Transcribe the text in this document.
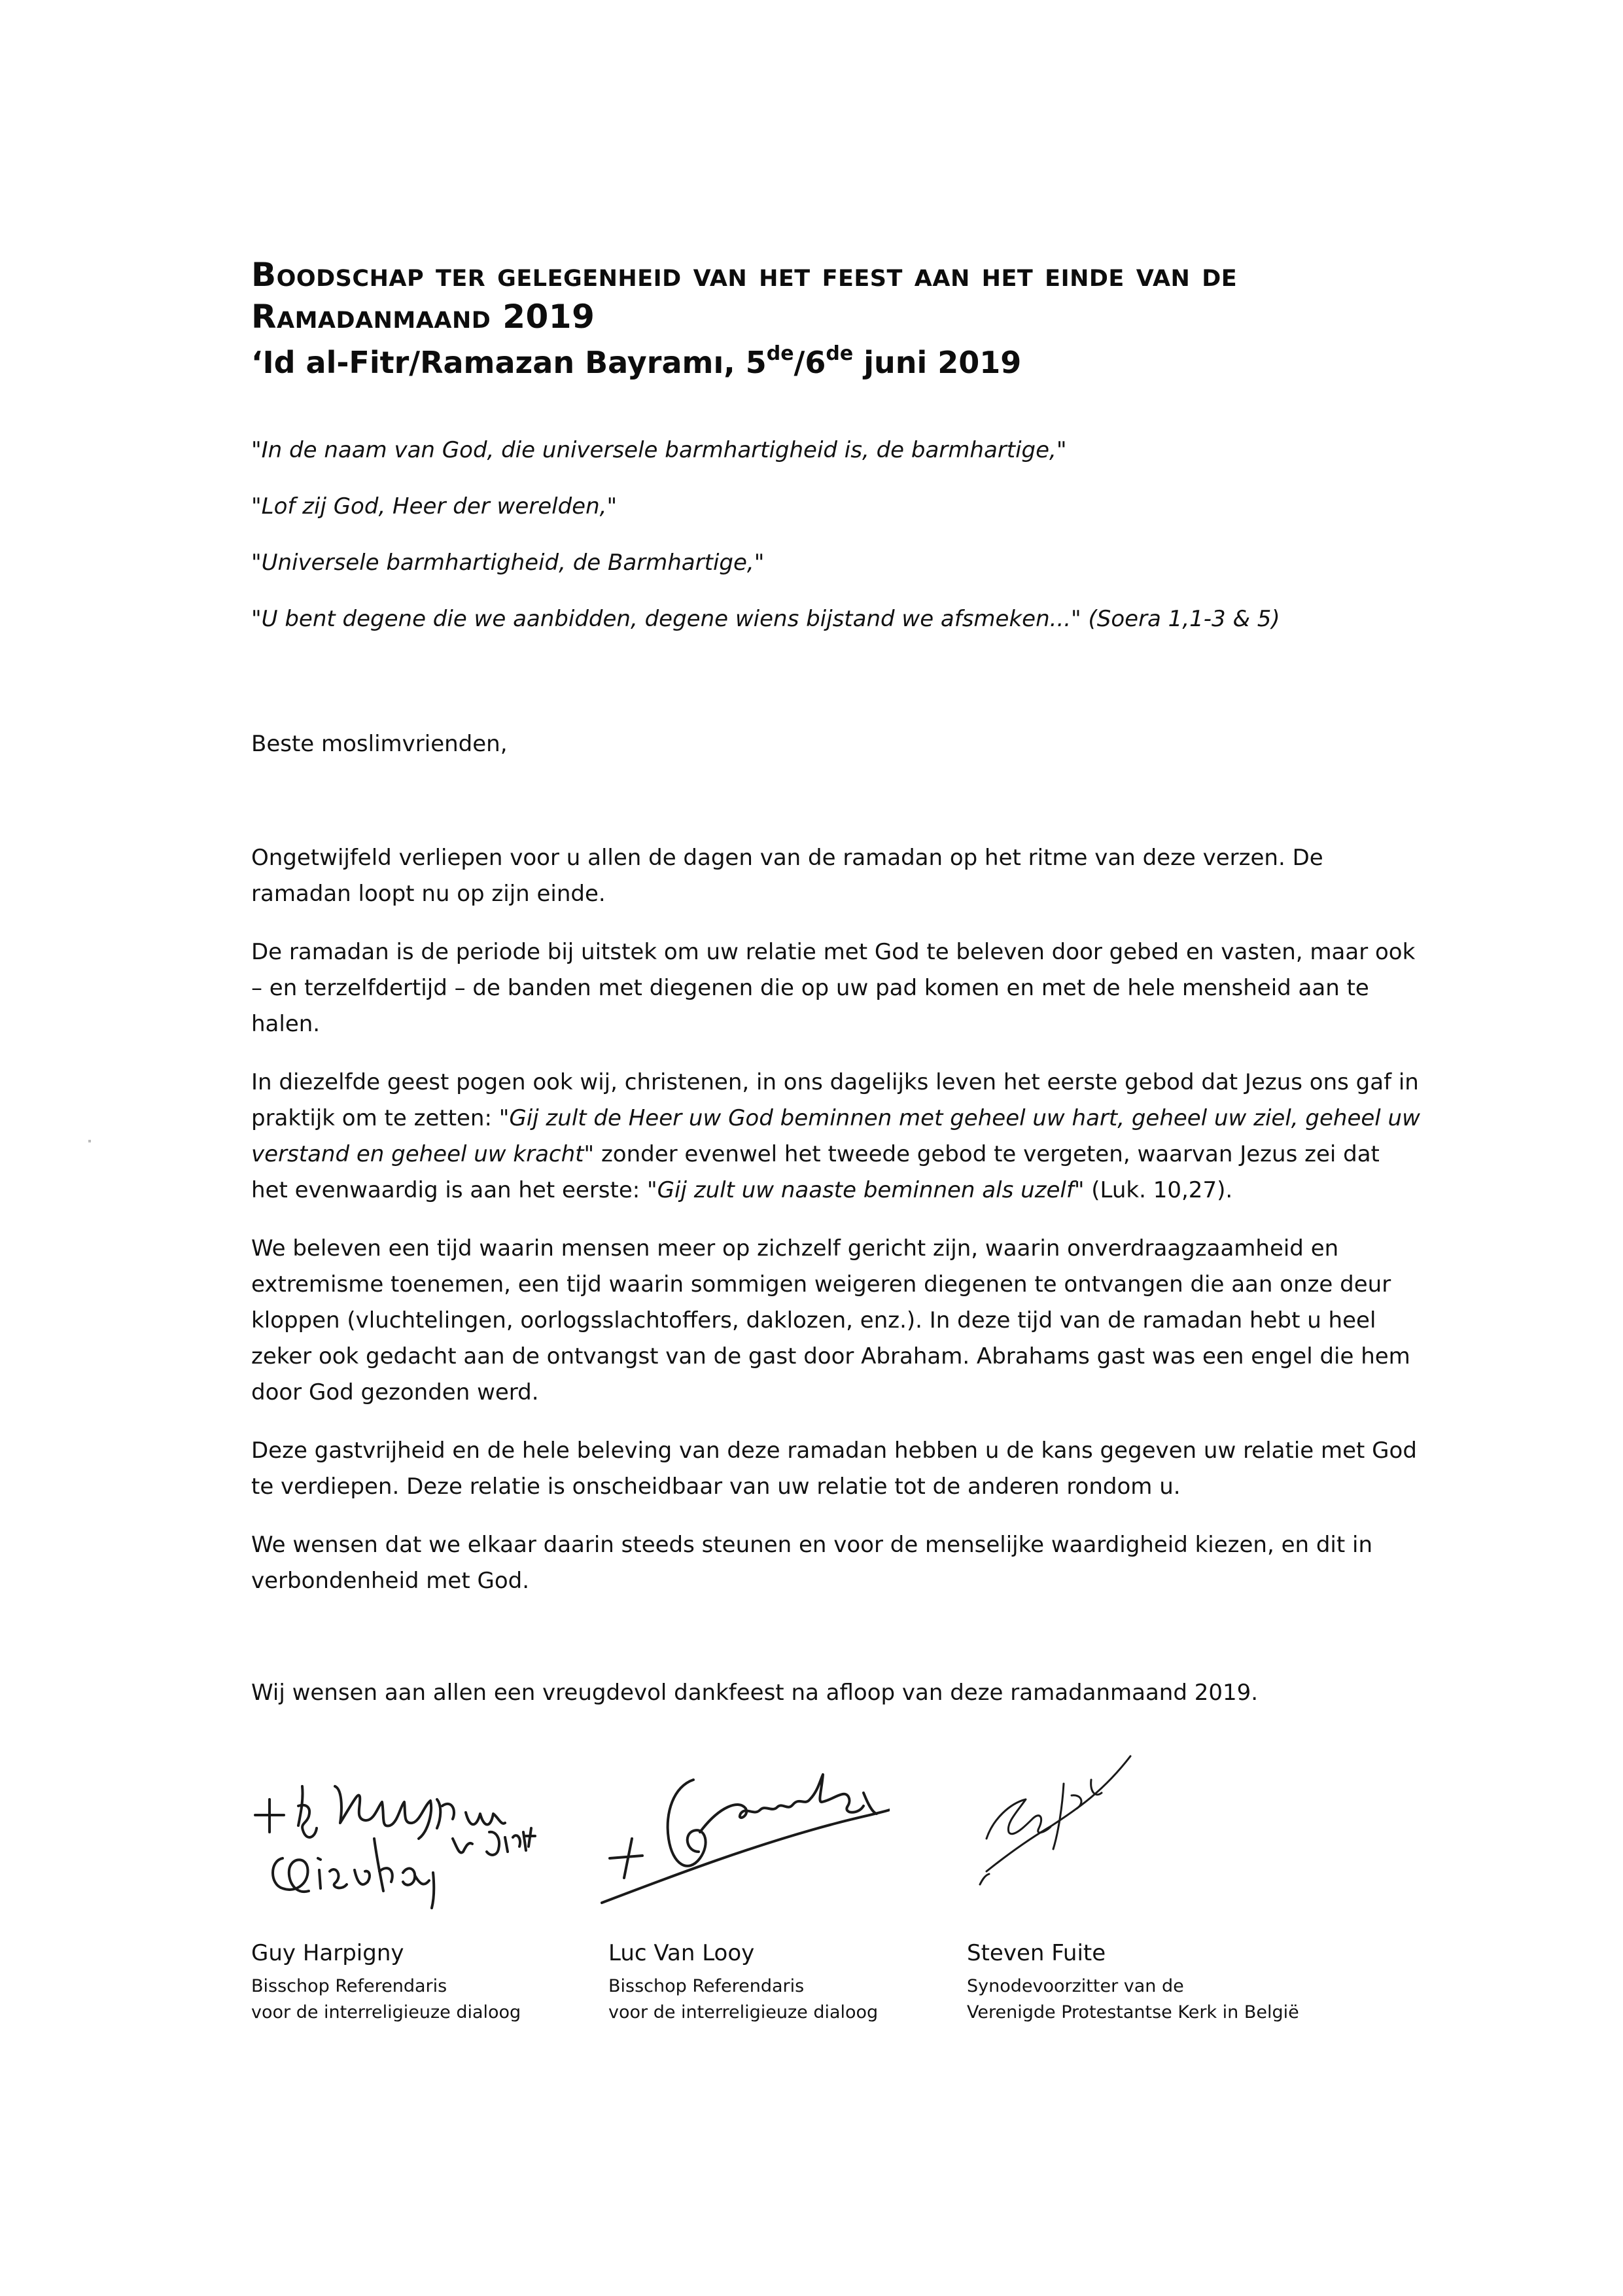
Boodschap ter gelegenheid van het feest aan het einde van de
Ramadanmaand 2019
‘Id al-Fitr/Ramazan Bayramı, 5de/6de juni 2019

"In de naam van God, die universele barmhartigheid is, de barmhartige,"

"Lof zij God, Heer der werelden,"

"Universele barmhartigheid, de Barmhartige,"

"U bent degene die we aanbidden, degene wiens bijstand we afsmeken..." (Soera 1,1-3 & 5)

Beste moslimvrienden,

Ongetwijfeld verliepen voor u allen de dagen van de ramadan op het ritme van deze verzen. De ramadan loopt nu op zijn einde.

De ramadan is de periode bij uitstek om uw relatie met God te beleven door gebed en vasten, maar ook – en terzelfdertijd – de banden met diegenen die op uw pad komen en met de hele mensheid aan te halen.

In diezelfde geest pogen ook wij, christenen, in ons dagelijks leven het eerste gebod dat Jezus ons gaf in praktijk om te zetten: "Gij zult de Heer uw God beminnen met geheel uw hart, geheel uw ziel, geheel uw verstand en geheel uw kracht" zonder evenwel het tweede gebod te vergeten, waarvan Jezus zei dat het evenwaardig is aan het eerste: "Gij zult uw naaste beminnen als uzelf" (Luk. 10,27).

We beleven een tijd waarin mensen meer op zichzelf gericht zijn, waarin onverdraagzaamheid en extremisme toenemen, een tijd waarin sommigen weigeren diegenen te ontvangen die aan onze deur kloppen (vluchtelingen, oorlogsslachtoffers, daklozen, enz.). In deze tijd van de ramadan hebt u heel zeker ook gedacht aan de ontvangst van de gast door Abraham. Abrahams gast was een engel die hem door God gezonden werd.

Deze gastvrijheid en de hele beleving van deze ramadan hebben u de kans gegeven uw relatie met God te verdiepen. Deze relatie is onscheidbaar van uw relatie tot de anderen rondom u.

We wensen dat we elkaar daarin steeds steunen en voor de menselijke waardigheid kiezen, en dit in verbondenheid met God.

Wij wensen aan allen een vreugdevol dankfeest na afloop van deze ramadanmaand 2019.

Guy Harpigny
Bisschop Referendaris
voor de interreligieuze dialoog
Luc Van Looy
Bisschop Referendaris
voor de interreligieuze dialoog
Steven Fuite
Synodevoorzitter van de
Verenigde Protestantse Kerk in België
